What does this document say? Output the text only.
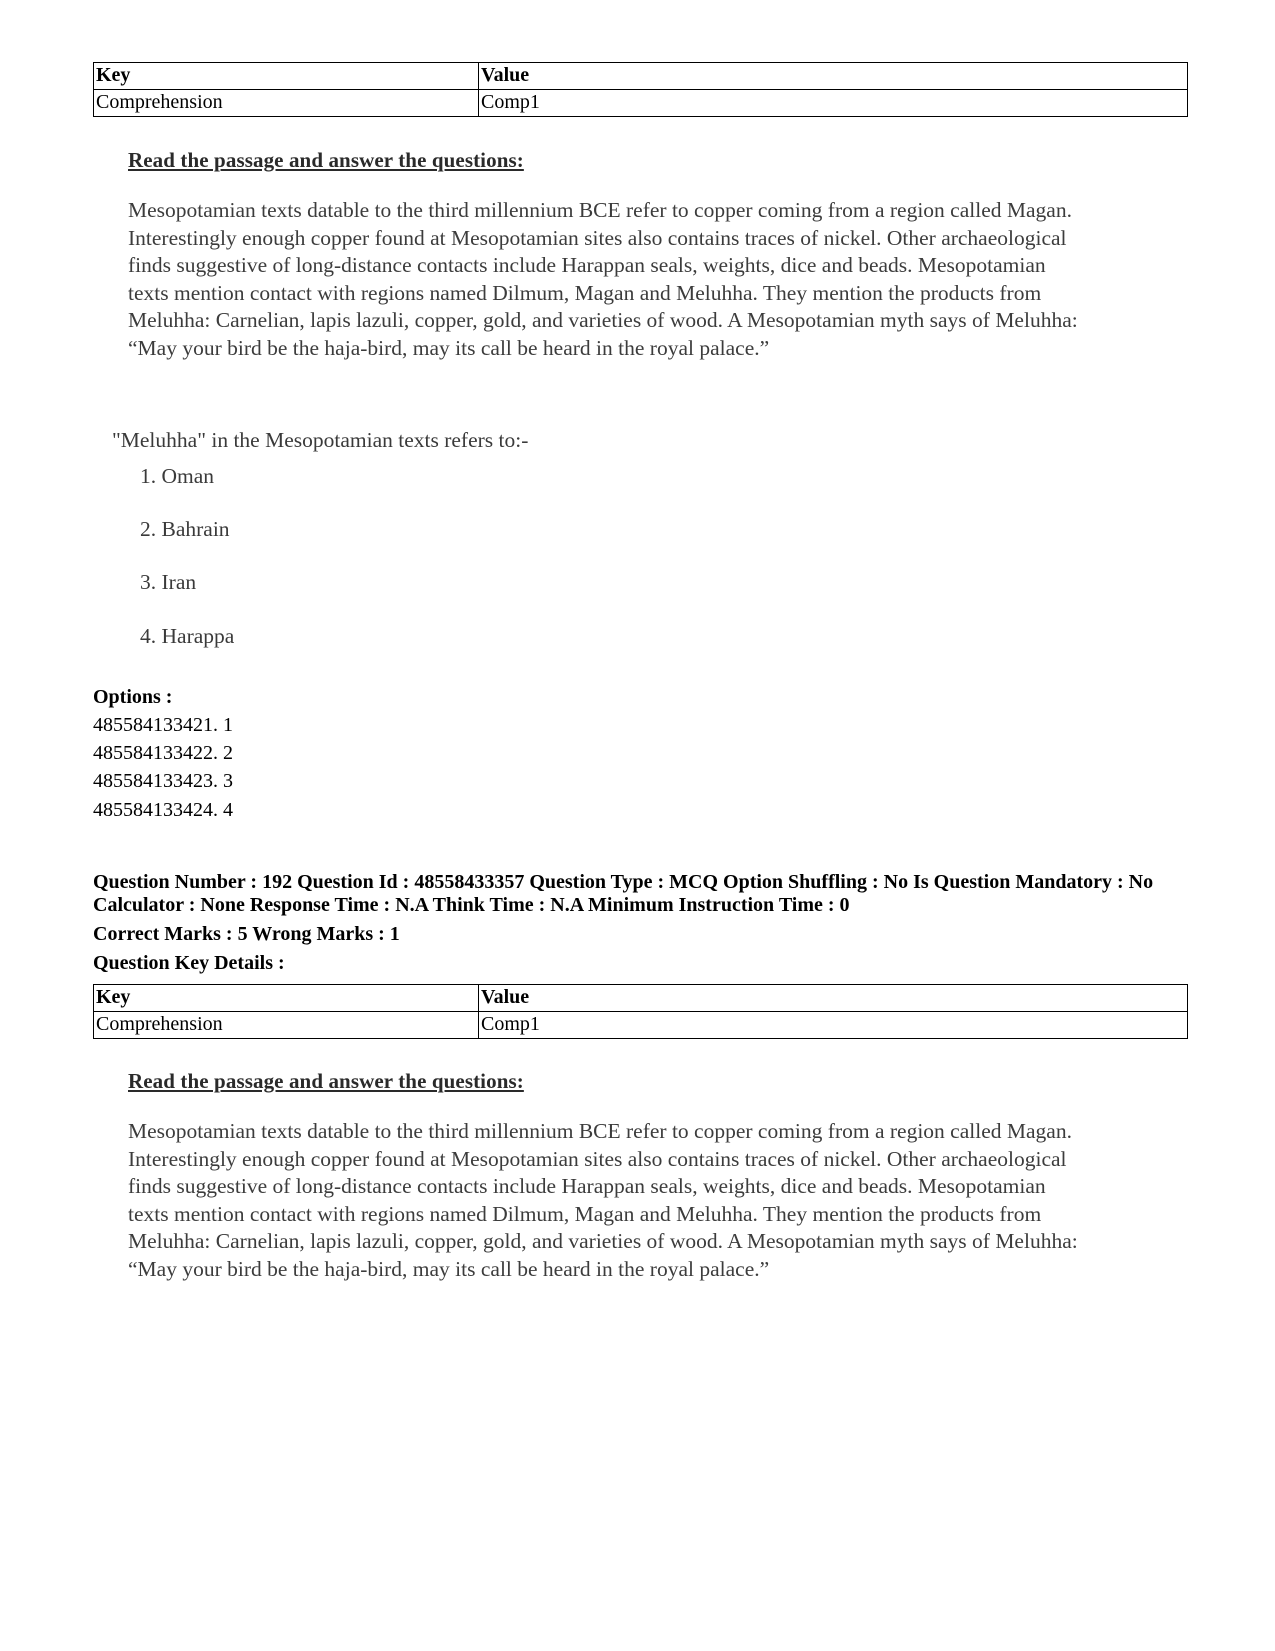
Key	Value
Comprehension	Comp1
Read the passage and answer the questions:
Mesopotamian texts datable to the third millennium BCE refer to copper coming from a region called Magan.
Interestingly enough copper found at Mesopotamian sites also contains traces of nickel. Other archaeological
finds suggestive of long-distance contacts include Harappan seals, weights, dice and beads. Mesopotamian
texts mention contact with regions named Dilmum, Magan and Meluhha. They mention the products from
Meluhha: Carnelian, lapis lazuli, copper, gold, and varieties of wood. A Mesopotamian myth says of Meluhha:
“May your bird be the haja-bird, may its call be heard in the royal palace.”
"Meluhha" in the Mesopotamian texts refers to:-
1. Oman
2. Bahrain
3. Iran
4. Harappa
Options :
485584133421. 1
485584133422. 2
485584133423. 3
485584133424. 4
Question Number : 192 Question Id : 48558433357 Question Type : MCQ Option Shuffling : No Is Question Mandatory : No Calculator : None Response Time : N.A Think Time : N.A Minimum Instruction Time : 0
Correct Marks : 5 Wrong Marks : 1
Question Key Details :
Key	Value
Comprehension	Comp1
Read the passage and answer the questions:
Mesopotamian texts datable to the third millennium BCE refer to copper coming from a region called Magan.
Interestingly enough copper found at Mesopotamian sites also contains traces of nickel. Other archaeological
finds suggestive of long-distance contacts include Harappan seals, weights, dice and beads. Mesopotamian
texts mention contact with regions named Dilmum, Magan and Meluhha. They mention the products from
Meluhha: Carnelian, lapis lazuli, copper, gold, and varieties of wood. A Mesopotamian myth says of Meluhha:
“May your bird be the haja-bird, may its call be heard in the royal palace.”
